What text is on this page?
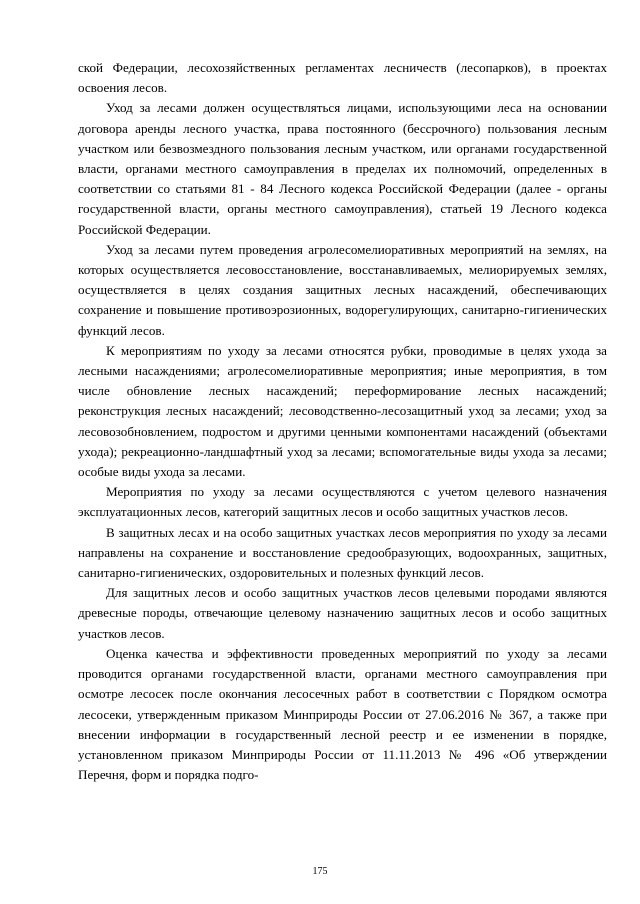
ской Федерации, лесохозяйственных регламентах лесничеств (лесопарков), в проектах освоения лесов.

Уход за лесами должен осуществляться лицами, использующими леса на основании договора аренды лесного участка, права постоянного (бессрочного) пользования лесным участком или безвозмездного пользования лесным участком, или органами государственной власти, органами местного самоуправления в пределах их полномочий, определенных в соответствии со статьями 81 - 84 Лесного кодекса Российской Федерации (далее - органы государственной власти, органы местного самоуправления), статьей 19 Лесного кодекса Российской Федерации.

Уход за лесами путем проведения агролесомелиоративных мероприятий на землях, на которых осуществляется лесовосстановление, восстанавливаемых, мелиорируемых землях, осуществляется в целях создания защитных лесных насаждений, обеспечивающих сохранение и повышение противоэрозионных, водорегулирующих, санитарно-гигиенических функций лесов.

К мероприятиям по уходу за лесами относятся рубки, проводимые в целях ухода за лесными насаждениями; агролесомелиоративные мероприятия; иные мероприятия, в том числе обновление лесных насаждений; переформирование лесных насаждений; реконструкция лесных насаждений; лесоводственно-лесозащитный уход за лесами; уход за лесовозобновлением, подростом и другими ценными компонентами насаждений (объектами ухода); рекреационно-ландшафтный уход за лесами; вспомогательные виды ухода за лесами; особые виды ухода за лесами.

Мероприятия по уходу за лесами осуществляются с учетом целевого назначения эксплуатационных лесов, категорий защитных лесов и особо защитных участков лесов.

В защитных лесах и на особо защитных участках лесов мероприятия по уходу за лесами направлены на сохранение и восстановление средообразующих, водоохранных, защитных, санитарно-гигиенических, оздоровительных и полезных функций лесов.

Для защитных лесов и особо защитных участков лесов целевыми породами являются древесные породы, отвечающие целевому назначению защитных лесов и особо защитных участков лесов.

Оценка качества и эффективности проведенных мероприятий по уходу за лесами проводится органами государственной власти, органами местного самоуправления при осмотре лесосек после окончания лесосечных работ в соответствии с Порядком осмотра лесосеки, утвержденным приказом Минприроды России от 27.06.2016 № 367, а также при внесении информации в государственный лесной реестр и ее изменении в порядке, установленном приказом Минприроды России от 11.11.2013 № 496 «Об утверждении Перечня, форм и порядка подго-

175
